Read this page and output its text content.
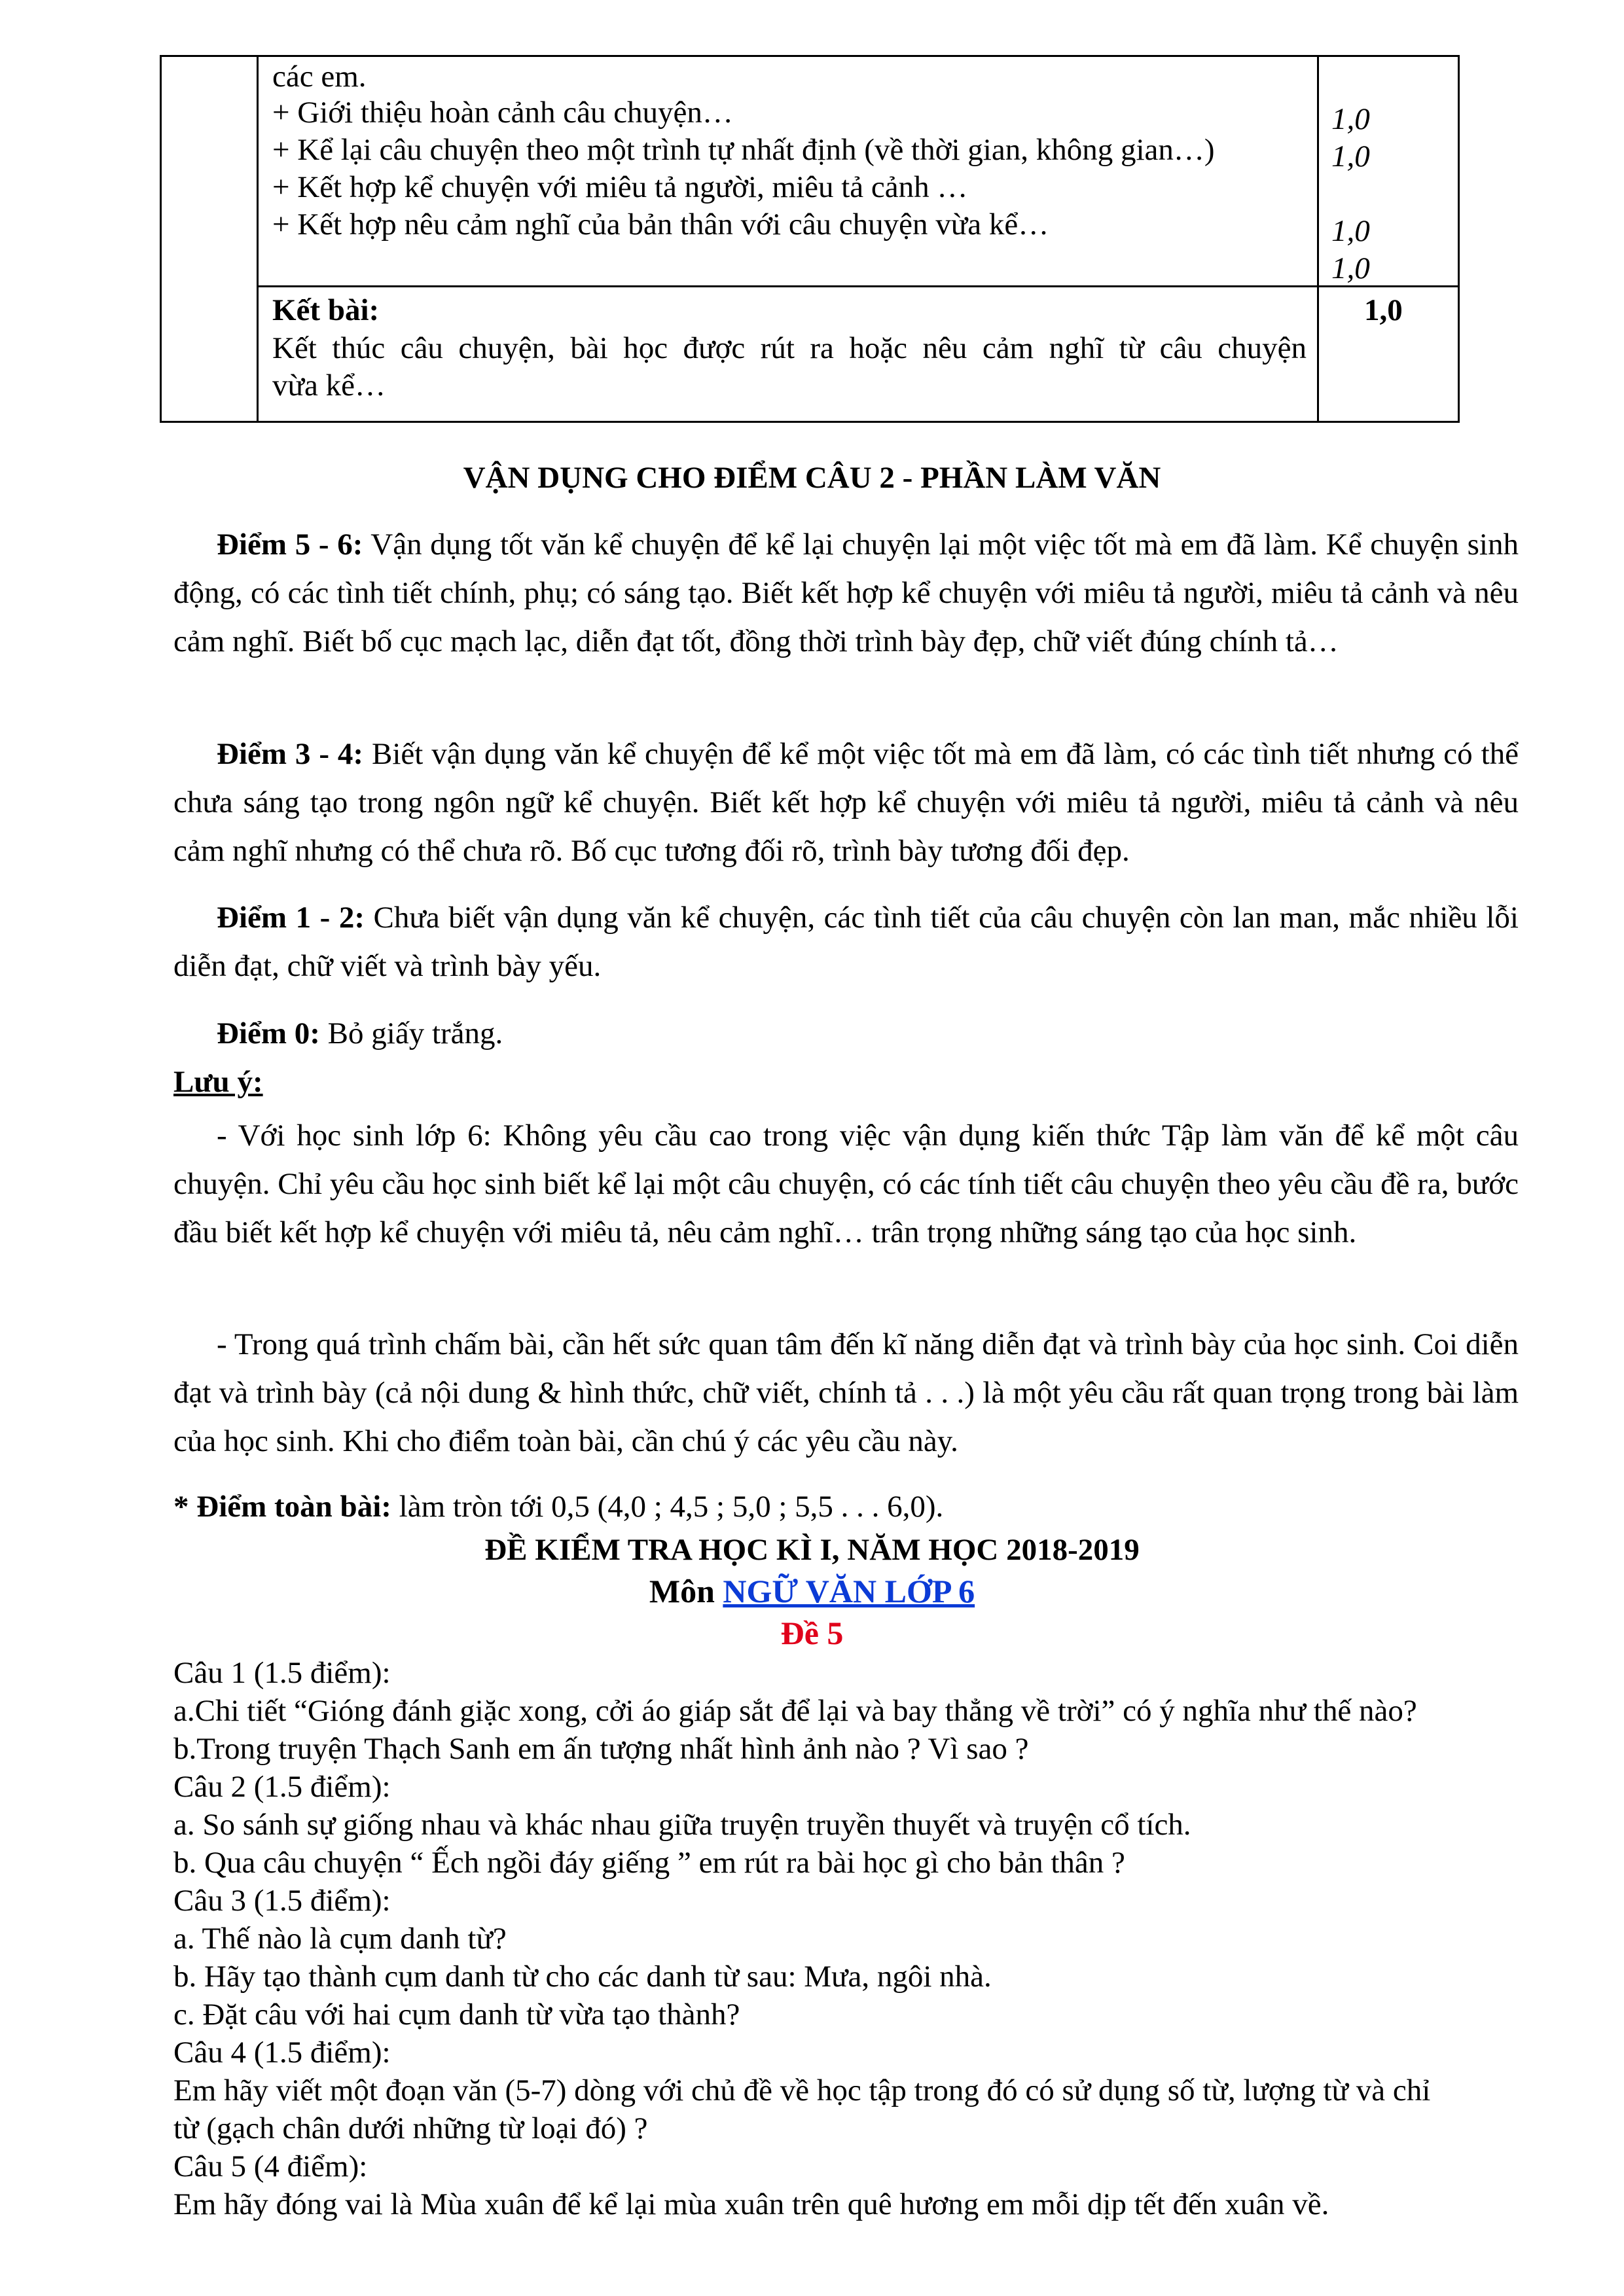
các em.
+ Giới thiệu hoàn cảnh câu chuyện…
+ Kể lại câu chuyện theo một trình tự nhất định (về thời gian, không gian…)
+ Kết hợp kể chuyện với miêu tả người, miêu tả cảnh …
+ Kết hợp nêu cảm nghĩ của bản thân với câu chuyện vừa kể…
1,0
1,0
1,0
1,0
Kết bài:
Kết thúc câu chuyện, bài học được rút ra hoặc nêu cảm nghĩ từ câu chuyện
vừa kể…
1,0
VẬN DỤNG CHO ĐIỂM CÂU 2 - PHẦN LÀM VĂN
Điểm 5 - 6: Vận dụng tốt văn kể chuyện để kể lại chuyện lại một việc tốt mà em đã làm. Kể chuyện sinh động, có các tình tiết chính, phụ; có sáng tạo. Biết kết hợp kể chuyện với miêu tả người, miêu tả cảnh và nêu cảm nghĩ. Biết bố cục mạch lạc, diễn đạt tốt, đồng thời trình bày đẹp, chữ viết đúng chính tả…
Điểm 3 - 4: Biết vận dụng văn kể chuyện để kể một việc tốt mà em đã làm, có các tình tiết nhưng có thể chưa sáng tạo trong ngôn ngữ kể chuyện. Biết kết hợp kể chuyện với miêu tả người, miêu tả cảnh và nêu cảm nghĩ nhưng có thể chưa rõ. Bố cục tương đối rõ, trình bày tương đối đẹp.
Điểm 1 - 2: Chưa biết vận dụng văn kể chuyện, các tình tiết của câu chuyện còn lan man, mắc nhiều lỗi diễn đạt, chữ viết và trình bày yếu.
Điểm 0: Bỏ giấy trắng.
Lưu ý:
- Với học sinh lớp 6: Không yêu cầu cao trong việc vận dụng kiến thức Tập làm văn để kể một câu chuyện. Chỉ yêu cầu học sinh biết kể lại một câu chuyện, có các tính tiết câu chuyện theo yêu cầu đề ra, bước đầu biết kết hợp kể chuyện với miêu tả, nêu cảm nghĩ… trân trọng những sáng tạo của học sinh.
- Trong quá trình chấm bài, cần hết sức quan tâm đến kĩ năng diễn đạt và trình bày của học sinh. Coi diễn đạt và trình bày (cả nội dung & hình thức, chữ viết, chính tả . . .) là một yêu cầu rất quan trọng trong bài làm của học sinh. Khi cho điểm toàn bài, cần chú ý các yêu cầu này.
* Điểm toàn bài: làm tròn tới 0,5 (4,0 ; 4,5 ; 5,0 ; 5,5 . . . 6,0).
ĐỀ KIỂM TRA HỌC KÌ I, NĂM HỌC 2018-2019
Môn NGỮ VĂN LỚP 6
Đề 5
Câu 1 (1.5 điểm):
a.Chi tiết “Gióng đánh giặc xong, cởi áo giáp sắt để lại và bay thẳng về trời” có ý nghĩa như thế nào?
b.Trong truyện Thạch Sanh em ấn tượng nhất hình ảnh nào ? Vì sao ?
Câu 2 (1.5 điểm):
a. So sánh sự giống nhau và khác nhau giữa truyện truyền thuyết và truyện cổ tích.
b. Qua câu chuyện “ Ếch ngồi đáy giếng ” em rút ra bài học gì cho bản thân ?
Câu 3 (1.5 điểm):
a. Thế nào là cụm danh từ?
b. Hãy tạo thành cụm danh từ cho các danh từ sau: Mưa, ngôi nhà.
c. Đặt câu với hai cụm danh từ vừa tạo thành?
Câu 4 (1.5 điểm):
Em hãy viết một đoạn văn (5-7) dòng với chủ đề về học tập trong đó có sử dụng số từ, lượng từ và chỉ
từ (gạch chân dưới những từ loại đó) ?
Câu 5 (4 điểm):
Em hãy đóng vai là Mùa xuân để kể lại mùa xuân trên quê hương em mỗi dịp tết đến xuân về.
